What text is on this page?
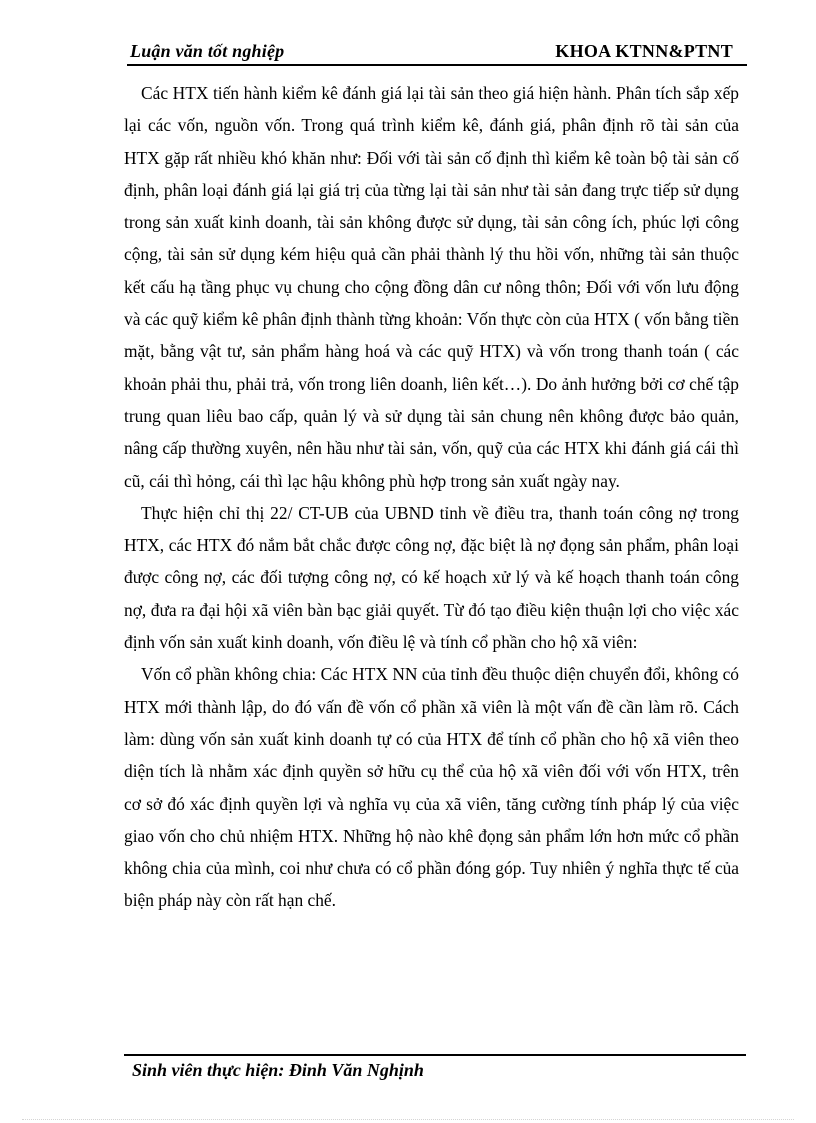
Luận văn tốt nghiệp	KHOA KTNN&PTNT

Các HTX tiến hành kiểm kê đánh giá lại tài sản theo giá hiện hành. Phân tích sắp xếp lại các vốn, nguồn vốn. Trong quá trình kiểm kê, đánh giá, phân định rõ tài sản của HTX gặp rất nhiều khó khăn như: Đối với tài sản cố định thì kiểm kê toàn bộ tài sản cố định, phân loại đánh giá lại giá trị của từng lại tài sản như tài sản đang trực tiếp sử dụng trong sản xuất kinh doanh, tài sản không được sử dụng, tài sản công ích, phúc lợi công cộng, tài sản sử dụng kém hiệu quả cần phải thành lý thu hồi vốn, những tài sản thuộc kết cấu hạ tầng phục vụ chung cho cộng đồng dân cư nông thôn; Đối với vốn lưu động và các quỹ kiểm kê phân định thành từng khoản: Vốn thực còn của HTX ( vốn bằng tiền mặt, bằng vật tư, sản phẩm hàng hoá và các quỹ HTX) và vốn trong thanh toán ( các khoản phải thu, phải trả, vốn trong liên doanh, liên kết…). Do ảnh hưởng bởi cơ chế tập trung quan liêu bao cấp, quản lý và sử dụng tài sản chung nên không được bảo quản, nâng cấp thường xuyên, nên hầu như tài sản, vốn, quỹ của các HTX khi đánh giá cái thì cũ, cái thì hỏng, cái thì lạc hậu không phù hợp trong sản xuất ngày nay.

Thực hiện chỉ thị 22/ CT-UB của UBND tỉnh về điều tra, thanh toán công nợ trong HTX, các HTX đó nắm bắt chắc được công nợ, đặc biệt là nợ đọng sản phẩm, phân loại được công nợ, các đối tượng công nợ, có kế hoạch xử lý và kế hoạch thanh toán công nợ, đưa ra đại hội xã viên bàn bạc giải quyết. Từ đó tạo điều kiện thuận lợi cho việc xác định vốn sản xuất kinh doanh, vốn điều lệ và tính cổ phần cho hộ xã viên:

Vốn cổ phần không chia: Các HTX NN của tỉnh đều thuộc diện chuyển đổi, không có HTX mới thành lập, do đó vấn đề vốn cổ phần xã viên là một vấn đề cần làm rõ. Cách làm: dùng vốn sản xuất kinh doanh tự có của HTX để tính cổ phần cho hộ xã viên theo diện tích là nhằm xác định quyền sở hữu cụ thể của hộ xã viên đối với vốn HTX, trên cơ sở đó xác định quyền lợi và nghĩa vụ của xã viên, tăng cường tính pháp lý của việc giao vốn cho chủ nhiệm HTX. Những hộ nào khê đọng sản phẩm lớn hơn mức cổ phần không chia của mình, coi như chưa có cổ phần đóng góp. Tuy nhiên ý nghĩa thực tế của biện pháp này còn rất hạn chế.

Sinh viên thực hiện: Đinh Văn Nghịnh
